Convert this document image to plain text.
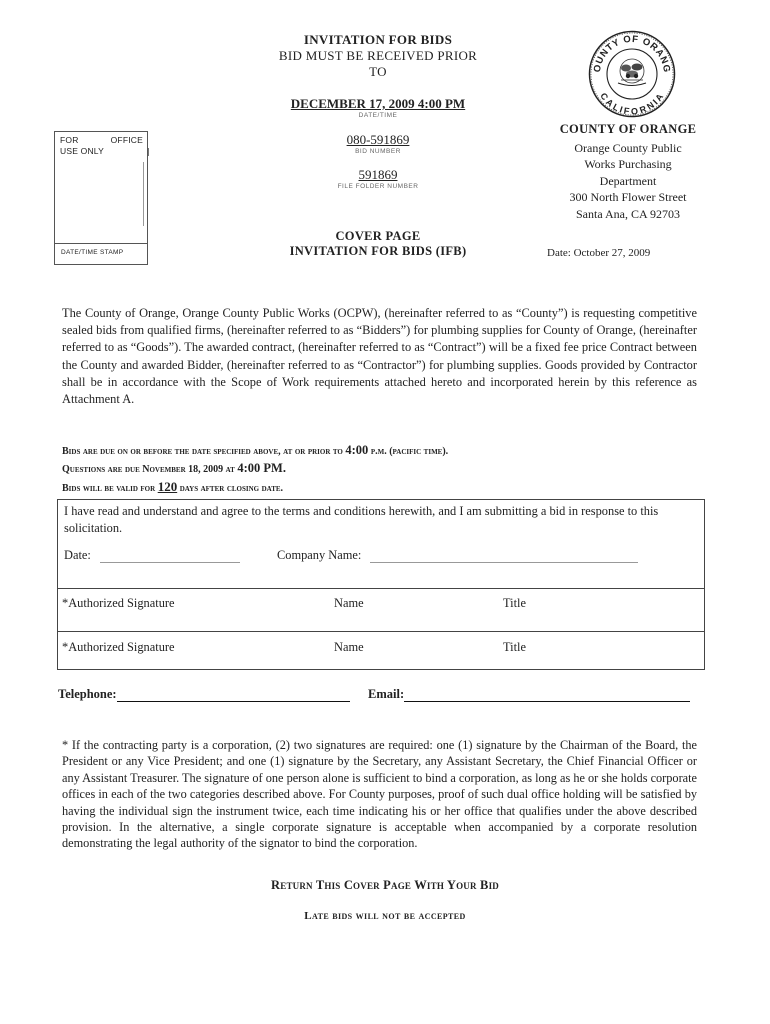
INVITATION FOR BIDS
BID MUST BE RECEIVED PRIOR
TO
DECEMBER 17, 2009 4:00 PM
DATE/TIME
080-591869
BID NUMBER
591869
FILE FOLDER NUMBER
FOR	OFFICE
USE ONLY
DATE/TIME STAMP
OUNTY OF ORANG
CALIFORNIA
COUNTY OF ORANGE
Orange County Public
Works Purchasing
Department
300 North Flower Street
Santa Ana, CA 92703
COVER PAGE
INVITATION FOR BIDS (IFB)	Date: October 27, 2009
The County of Orange, Orange County Public Works (OCPW), (hereinafter referred to as “County”) is requesting competitive sealed bids from qualified firms, (hereinafter referred to as “Bidders”) for plumbing supplies for County of Orange, (hereinafter referred to as “Goods”). The awarded contract, (hereinafter referred to as “Contract”) will be a fixed fee price Contract between the County and awarded Bidder, (hereinafter referred to as “Contractor”) for plumbing supplies. Goods provided by Contractor shall be in accordance with the Scope of Work requirements attached hereto and incorporated herein by this reference as Attachment A.
Bids are due on or before the date specified above, at or prior to 4:00 p.m. (pacific time).
Questions are due November 18, 2009 at 4:00 PM.
Bids will be valid for 120 days after closing date.
I have read and understand and agree to the terms and conditions herewith, and I am submitting a bid in response to this solicitation.
Date:	Company Name:
*Authorized Signature	Name	Title
*Authorized Signature	Name	Title
Telephone:	Email:
* If the contracting party is a corporation, (2) two signatures are required: one (1) signature by the Chairman of the Board, the President or any Vice President; and one (1) signature by the Secretary, any Assistant Secretary, the Chief Financial Officer or any Assistant Treasurer. The signature of one person alone is sufficient to bind a corporation, as long as he or she holds corporate offices in each of the two categories described above. For County purposes, proof of such dual office holding will be satisfied by having the individual sign the instrument twice, each time indicating his or her office that qualifies under the above described provision. In the alternative, a single corporate signature is acceptable when accompanied by a corporate resolution demonstrating the legal authority of the signator to bind the corporation.
Return This Cover Page With Your Bid
Late bids will not be accepted
